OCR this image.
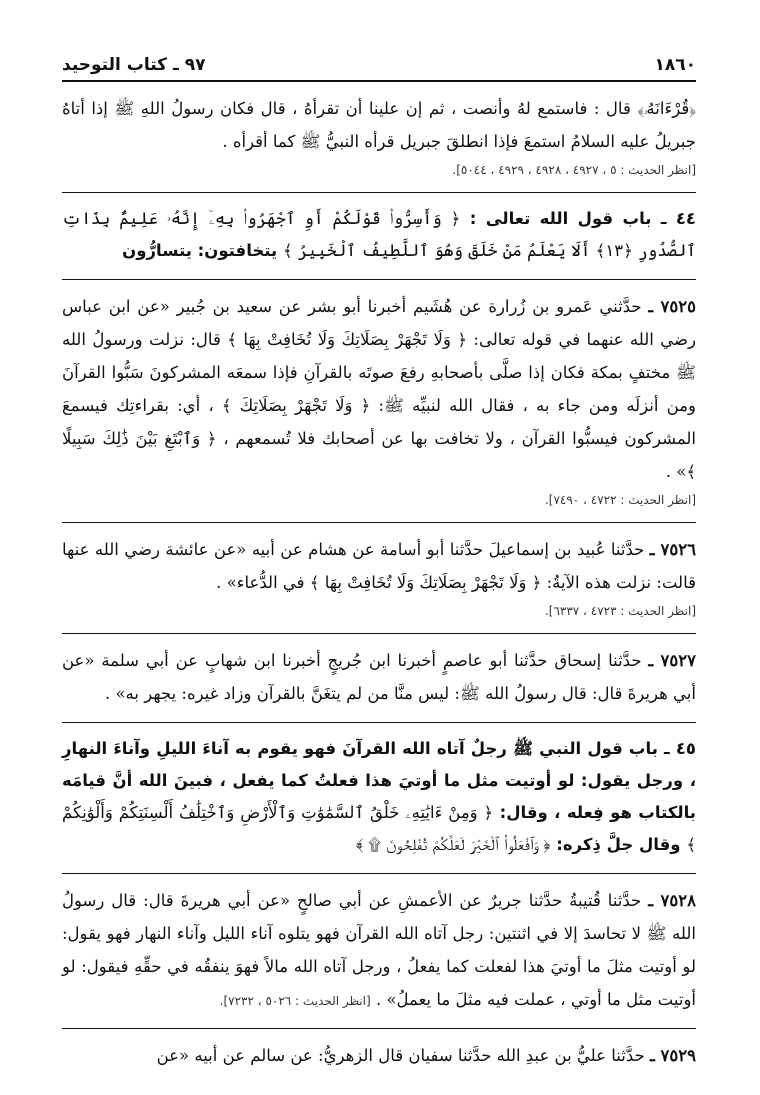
١٨٦٠
٩٧ ـ كتاب التوحيد

﴿قُرْءَانَهُۥ﴾ قال : فاستمع لهُ وأنصت ، ثم إن علينا أن تقرأهُ ، قال فكان رسولُ اللهِ ﷺ إذا أتاهُ جبريلُ عليه السلامُ استمعَ فإذا انطلقَ جبريل قرأه النبيُّ ﷺ كما أقرأه .

[انظر الحديث : ٥ ، ٤٩٢٧ ، ٤٩٢٨ ، ٤٩٢٩ ، ٥٠٤٤].

٤٤ ـ باب قول الله تعالى : ﴿ وَأَسِرُّوا۟ قَوْلَكُمْ أَوِ ٱجْهَرُوا۟ بِهِۦٓ إِنَّهُۥ عَلِيمٌۢ بِذَاتِ ٱلصُّدُورِ ﴿١٣﴾ أَلَا يَعْلَمُ مَنْ خَلَقَ وَهُوَ ٱللَّطِيفُ ٱلْخَبِيرُ ﴾ يتخافتون: يتسارُّون

٧٥٢٥ ـ حدَّثني عَمرو بن زُرارة عن هُشَيم أخبرنا أبو بشر عن سعيد بن جُبير «عن ابن عباس رضي الله عنهما في قوله تعالى: ﴿ وَلَا تَجْهَرْ بِصَلَاتِكَ وَلَا تُخَافِتْ بِهَا ﴾ قال: نزلت ورسولُ الله ﷺ مختفٍ بمكة فكان إذا صلَّى بأصحابهِ رفعَ صوتَه بالقرآنِ فإذا سمعَه المشركونَ سَبُّوا القرآنَ ومن أنزلَه ومن جاء به ، فقال الله لنبيِّه ﷺ: ﴿ وَلَا تَجْهَرْ بِصَلَاتِكَ ﴾ ، أي: بقراءتِك فيسمعَ المشركون فيسبُّوا القرآن ، ولا تخافت بها عن أصحابك فلا تُسمعهم ، ﴿ وَٱبْتَغِ بَيْنَ ذَٰلِكَ سَبِيلًا ﴾» .

[انظر الحديث : ٤٧٢٢ ، ٧٤٩٠].

٧٥٢٦ ـ حدَّثنا عُبيد بن إسماعيلَ حدَّثنا أبو أسامة عن هشام عن أبيه «عن عائشة رضي الله عنها قالت: نزلت هذه الآيةُ: ﴿ وَلَا تَجْهَرْ بِصَلَاتِكَ وَلَا تُخَافِتْ بِهَا ﴾ في الدُّعاء» .

[انظر الحديث : ٤٧٢٣ ، ٦٣٣٧].

٧٥٢٧ ـ حدَّثنا إسحاق حدَّثنا أبو عاصمٍ أخبرنا ابن جُريجٍ أخبرنا ابن شهابٍ عن أبي سلمة «عن أبي هريرةَ قال: قال رسولُ الله ﷺ: ليس منَّا من لم يتغَنَّ بالقرآن وزاد غيره: يجهر به» .

٤٥ ـ باب قول النبي ﷺ رجلٌ آتاه الله القرآنَ فهو يقوم به آناءَ الليلِ وآناءَ النهارِ ، ورجل يقول: لو أوتيت مثل ما أوتيَ هذا فعلتُ كما يفعل ، فبينَ الله أنَّ قيامَه بالكتاب هو فِعله ، وقال: ﴿ وَمِنْ ءَايَٰتِهِۦ خَلْقُ ٱلسَّمَٰوَٰتِ وَٱلْأَرْضِ وَٱخْتِلَٰفُ أَلْسِنَتِكُمْ وَأَلْوَٰنِكُمْ ﴾ وقال جلَّ ذِكره: ﴿ وَٱفْعَلُوا۟ ٱلْخَيْرَ لَعَلَّكُمْ تُفْلِحُونَ ۩ ﴾

٧٥٢٨ ـ حدَّثنا قُتيبةُ حدَّثنا جريرٌ عن الأعمشِ عن أبي صالحٍ «عن أبي هريرةَ قال: قال رسولُ الله ﷺ لا تحاسدَ إلا في اثنتين: رجل آتاه الله القرآن فهو يتلوه آناء الليل وآناء النهار فهو يقول: لو أوتيت مثلَ ما أوتيَ هذا لفعلت كما يفعلُ ، ورجل آتاه الله مالاً فهوَ ينفقُه في حقِّهِ فيقول: لو أوتيت مثل ما أوتي ، عملت فيه مثلَ ما يعملُ» . [انظر الحديث : ٥٠٢٦ ، ٧٢٣٢].

٧٥٢٩ ـ حدَّثنا عليُّ بن عبدِ الله حدَّثنا سفيان قال الزهريُّ: عن سالم عن أبيه «عن
